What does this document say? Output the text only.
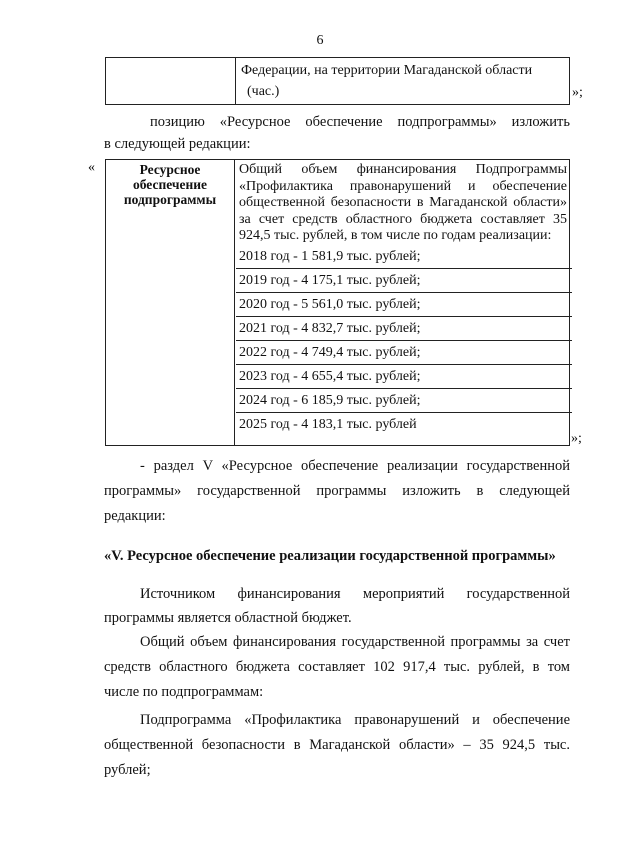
6
Федерации, на территории Магаданской области
(час.)	»;
позицию «Ресурсное обеспечение подпрограммы» изложить
в следующей редакции:
«	Ресурсное обеспечение подпрограммы
Общий объем финансирования Подпрограммы «Профилактика правонарушений и обеспечение общественной безопасности в Магаданской области» за счет средств областного бюджета составляет 35 924,5 тыс. рублей, в том числе по годам реализации:
2018 год - 1 581,9 тыс. рублей;
2019 год - 4 175,1 тыс. рублей;
2020 год - 5 561,0 тыс. рублей;
2021 год - 4 832,7 тыс. рублей;
2022 год - 4 749,4 тыс. рублей;
2023 год - 4 655,4 тыс. рублей;
2024 год - 6 185,9 тыс. рублей;
2025 год - 4 183,1 тыс. рублей
»;
- раздел V «Ресурсное обеспечение реализации государственной
программы» государственной программы изложить в следующей
редакции:
«V. Ресурсное обеспечение реализации государственной программы»
Источником финансирования мероприятий государственной
программы является областной бюджет.
Общий объем финансирования государственной программы за счет
средств областного бюджета составляет 102 917,4 тыс. рублей, в том
числе по подпрограммам:
Подпрограмма «Профилактика правонарушений и обеспечение
общественной безопасности в Магаданской области» – 35 924,5 тыс.
рублей;
